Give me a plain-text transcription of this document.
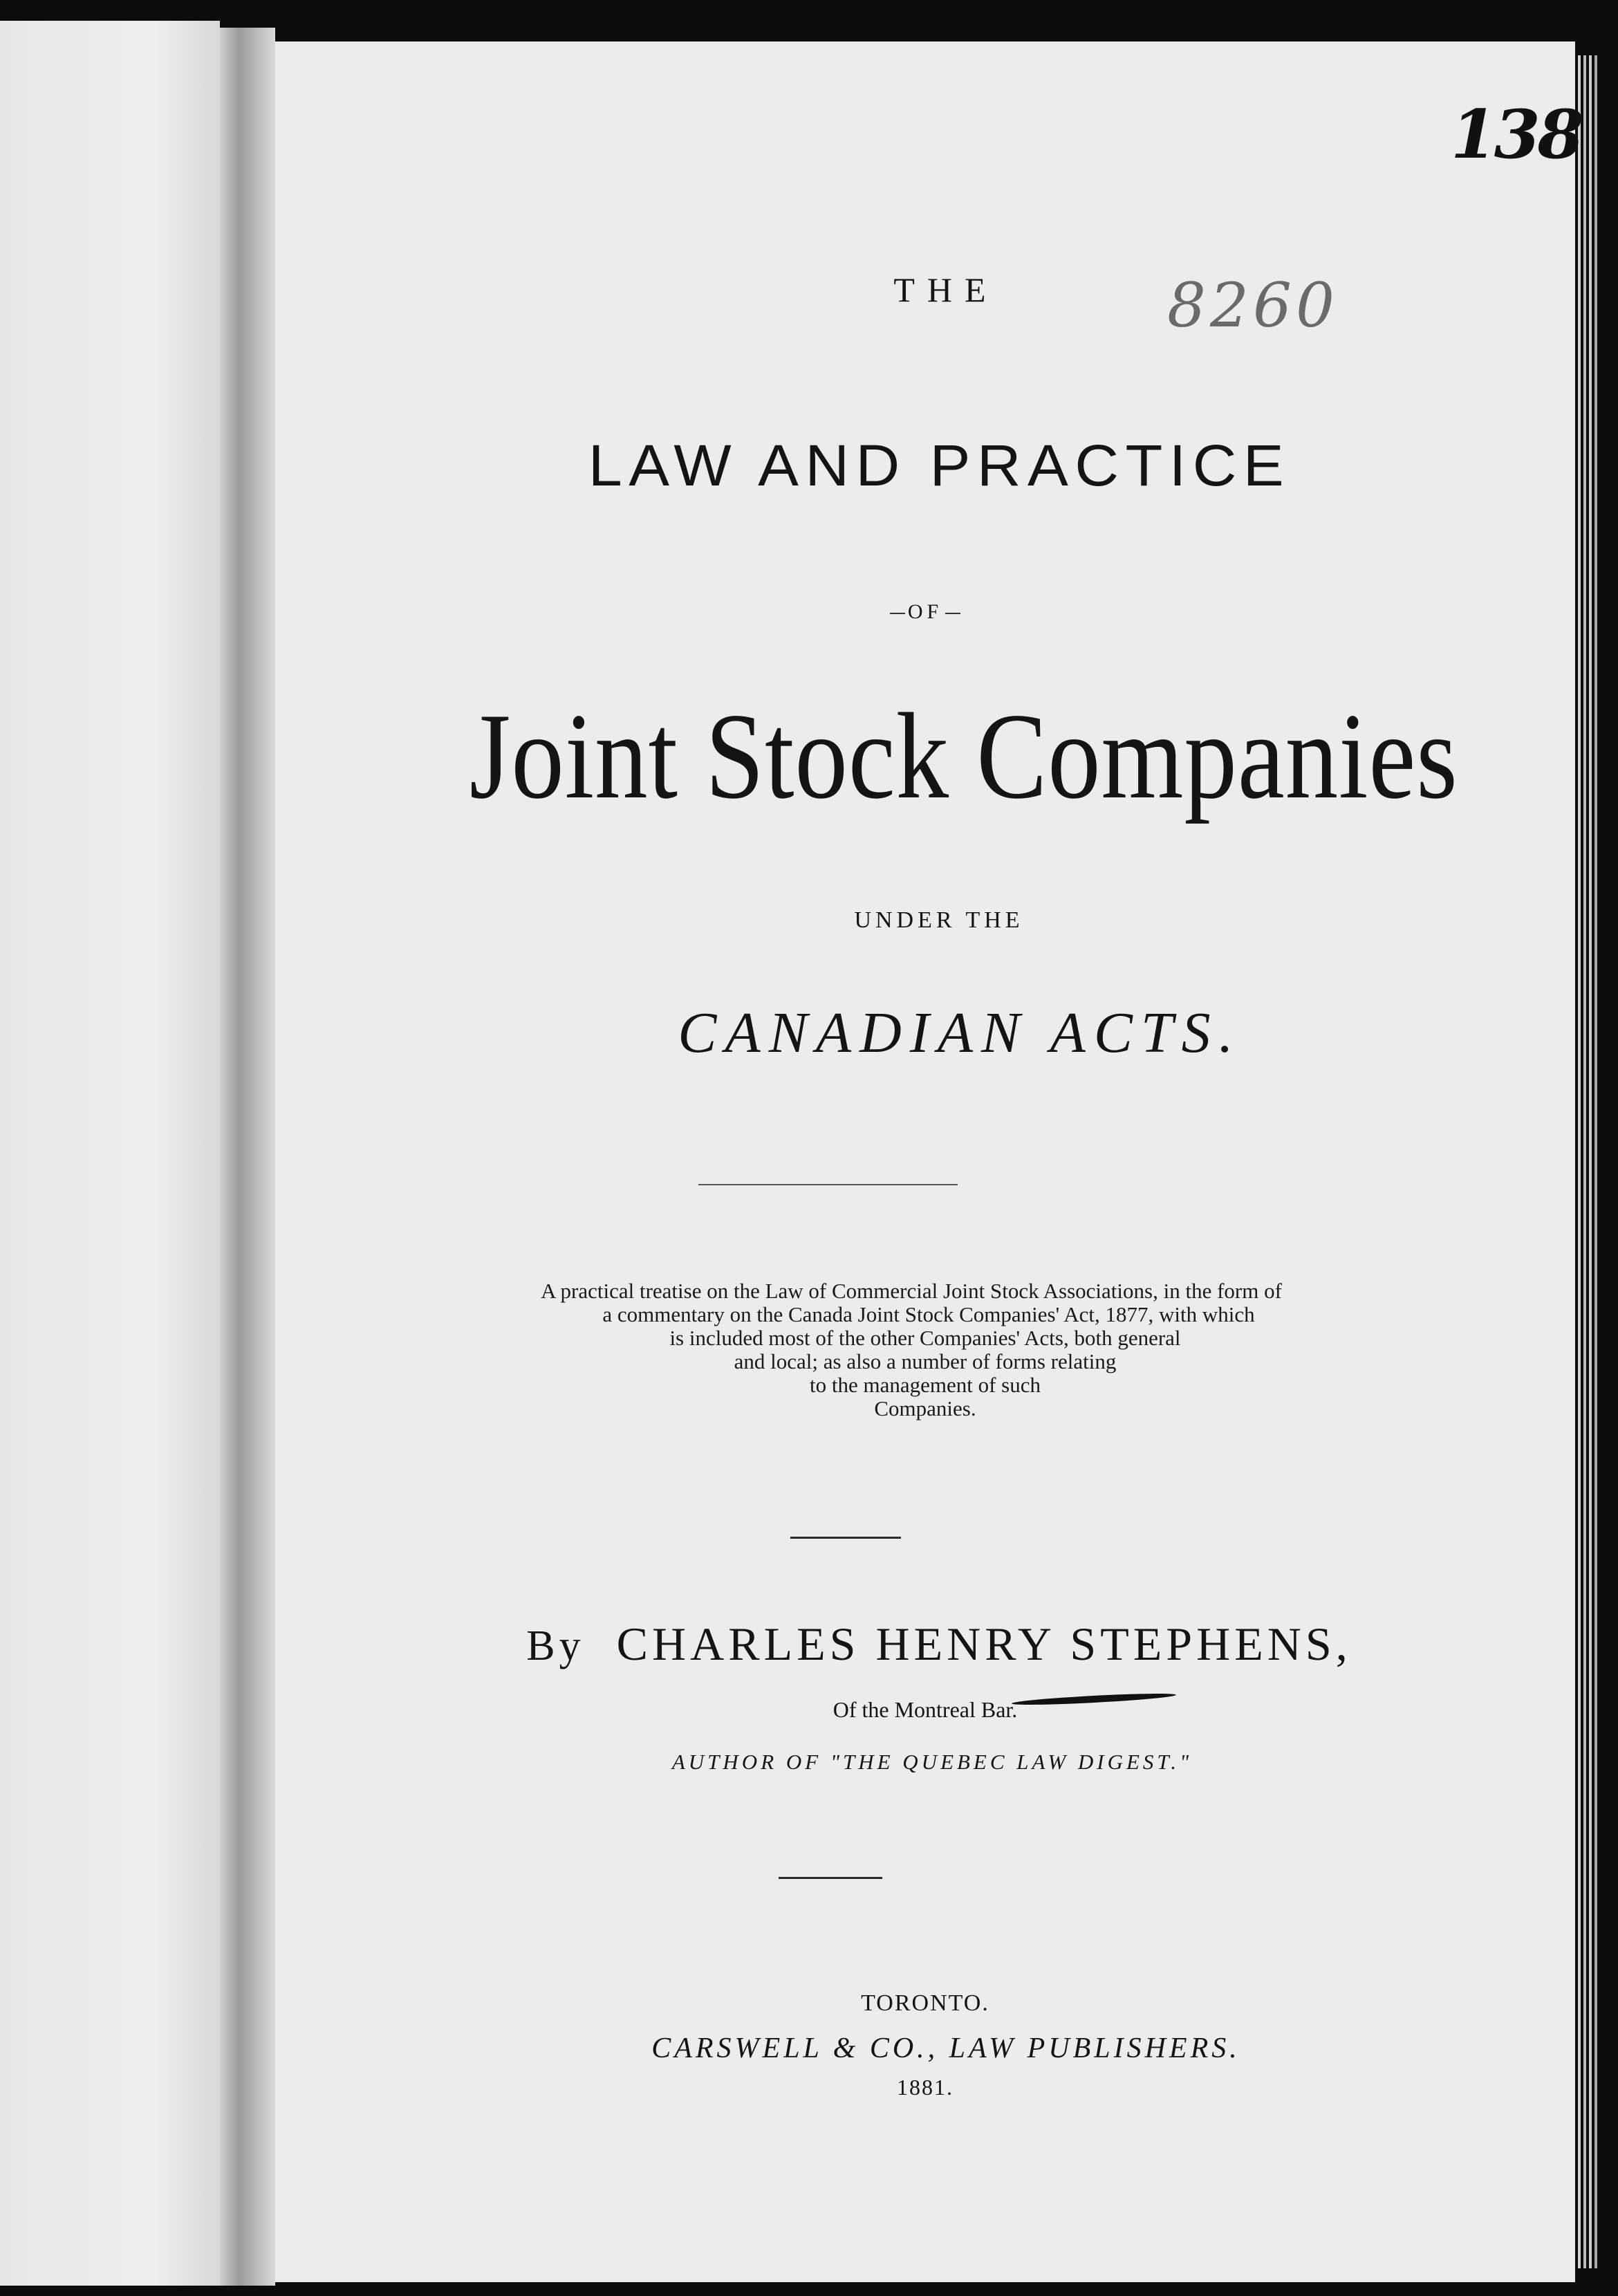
138
8260
THE
LAW AND PRACTICE
OF
Joint Stock Companies
UNDER THE
CANADIAN ACTS.
A practical treatise on the Law of Commercial Joint Stock Associations, in the form of
a commentary on the Canada Joint Stock Companies' Act, 1877, with which
is included most of the other Companies' Acts, both general
and local; as also a number of forms relating
to the management of such
Companies.
By CHARLES HENRY STEPHENS,
Of the Montreal Bar.
AUTHOR OF "THE QUEBEC LAW DIGEST."
TORONTO.
CARSWELL & CO., LAW PUBLISHERS.
1881.
